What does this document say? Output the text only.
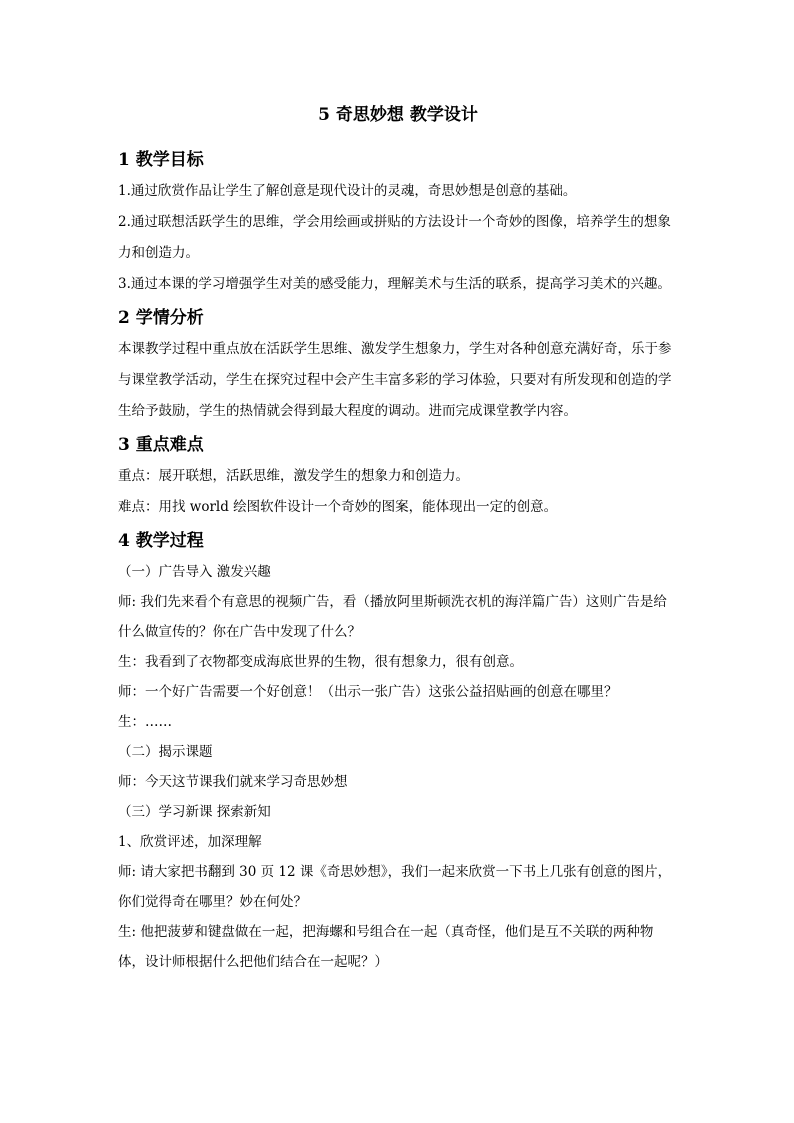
5 奇思妙想 教学设计
1 教学目标

1.通过欣赏作品让学生了解创意是现代设计的灵魂，奇思妙想是创意的基础。

2.通过联想活跃学生的思维，学会用绘画或拼贴的方法设计一个奇妙的图像，培养学生的想象力和创造力。

3.通过本课的学习增强学生对美的感受能力，理解美术与生活的联系，提高学习美术的兴趣。

2 学情分析

本课教学过程中重点放在活跃学生思维、激发学生想象力，学生对各种创意充满好奇，乐于参与课堂教学活动，学生在探究过程中会产生丰富多彩的学习体验，只要对有所发现和创造的学生给予鼓励，学生的热情就会得到最大程度的调动。进而完成课堂教学内容。

3 重点难点

重点：展开联想，活跃思维，激发学生的想象力和创造力。

难点：用找 world 绘图软件设计一个奇妙的图案，能体现出一定的创意。

4 教学过程

（一）广告导入 激发兴趣

师: 我们先来看个有意思的视频广告，看（播放阿里斯顿洗衣机的海洋篇广告）这则广告是给什么做宣传的？你在广告中发现了什么？

生：我看到了衣物都变成海底世界的生物，很有想象力，很有创意。

师：一个好广告需要一个好创意！（出示一张广告）这张公益招贴画的创意在哪里？

生：……

（二）揭示课题

师：今天这节课我们就来学习奇思妙想

（三）学习新课 探索新知

1、欣赏评述，加深理解

师: 请大家把书翻到 30 页 12 课《奇思妙想》，我们一起来欣赏一下书上几张有创意的图片，你们觉得奇在哪里？妙在何处？

生: 他把菠萝和键盘做在一起，把海螺和号组合在一起（真奇怪，他们是互不关联的两种物体，设计师根据什么把他们结合在一起呢？）
